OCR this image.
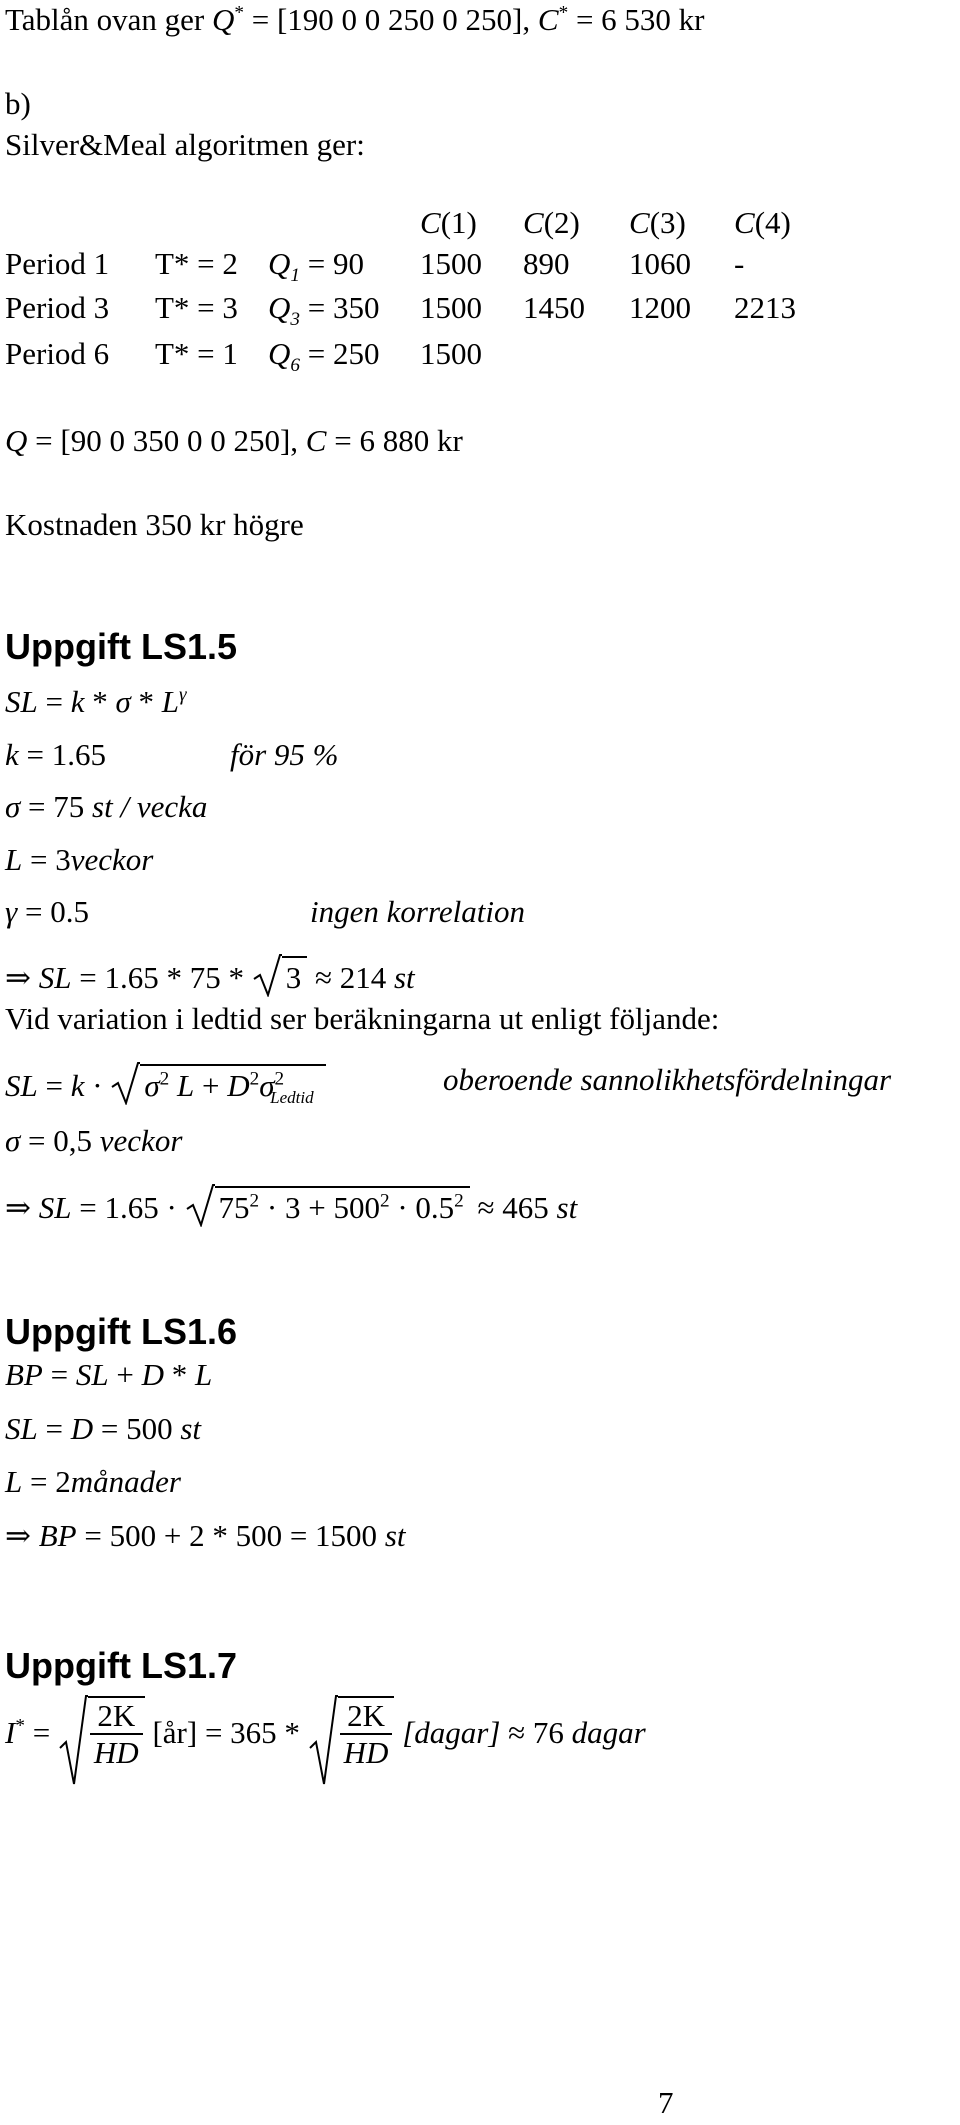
Tablån ovan ger Q* = [190 0 0 250 0 250], C* = 6 530 kr
b)
Silver&Meal algoritmen ger:
C(1) C(2) C(3) C(4)
Period 1 T* = 2 $Q_1 = 90$ 1500 890 1060 -
Period 3 T* = 3 $Q_3 = 350$ 1500 1450 1200 2213
Period 6 T* = 1 $Q_6 = 250$ 1500
Q = [90 0 350 0 0 250], C = 6 880 kr
Kostnaden 350 kr högre
Uppgift LS1.5
SL = k * σ * $L^\gamma$
k = 1.65	för 95 %
σ = 75 st / vecka
L = 3veckor
γ = 0.5	ingen korrelation
⇒ SL = 1.65 * 75 * 3 ≈ 214 st
Vid variation i ledtid ser beräkningarna ut enligt följande:
SL = k ·
$\sigma^2$ $L + D^2\sigma^2_{Ledtid}$
oberoende sannolikhetsfördelningar
σ = 0,5 veckor
⇒ SL = 1.65 ·
$75^2 \cdot 3 + 500^2 \cdot 0.5^2 \approx 465$ st
Uppgift LS1.6
BP = SL + D * L
SL = D = 500 st
L = 2månader
⇒ BP = 500 + 2 * 500 = 1500 st
Uppgift LS1.7
$I^* = \frac{2K}{HD}$ [år] = $365 * \frac{2K}{HD}$ [dagar] ≈ 76 dagar
7
